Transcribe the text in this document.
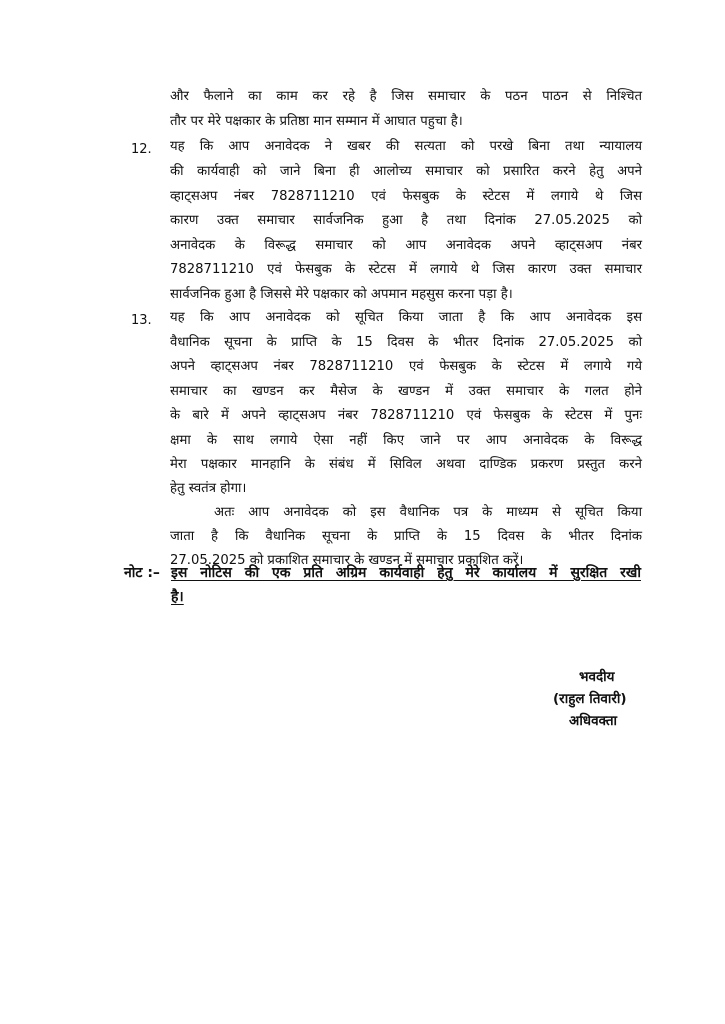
और फैलाने का काम कर रहे है जिस समाचार के पठन पाठन से निश्चित
तौर पर मेरे पक्षकार के प्रतिष्ठा मान सम्मान में आघात पहुचा है।
12. यह कि आप अनावेदक ने खबर की सत्यता को परखे बिना तथा न्यायालय
की कार्यवाही को जाने बिना ही आलोच्य समाचार को प्रसारित करने हेतु अपने
व्हाट्सअप नंबर 7828711210 एवं फेसबुक के स्टेटस में लगाये थे जिस
कारण उक्त समाचार सार्वजनिक हुआ है तथा दिनांक 27.05.2025 को
अनावेदक के विरूद्ध समाचार को आप अनावेदक अपने व्हाट्सअप नंबर
7828711210 एवं फेसबुक के स्टेटस में लगाये थे जिस कारण उक्त समाचार
सार्वजनिक हुआ है जिससे मेरे पक्षकार को अपमान महसुस करना पड़ा है।
13. यह कि आप अनावेदक को सूचित किया जाता है कि आप अनावेदक इस
वैधानिक सूचना के प्राप्ति के 15 दिवस के भीतर दिनांक 27.05.2025 को
अपने व्हाट्सअप नंबर 7828711210 एवं फेसबुक के स्टेटस में लगाये गये
समाचार का खण्डन कर मैसेज के खण्डन में उक्त समाचार के गलत होने
के बारे में अपने व्हाट्सअप नंबर 7828711210 एवं फेसबुक के स्टेटस में पुनः
क्षमा के साथ लगाये ऐसा नहीं किए जाने पर आप अनावेदक के विरूद्ध
मेरा पक्षकार मानहानि के संबंध में सिविल अथवा दाण्डिक प्रकरण प्रस्तुत करने
हेतु स्वतंत्र होगा।
अतः आप अनावेदक को इस वैधानिक पत्र के माध्यम से सूचित किया
जाता है कि वैधानिक सूचना के प्राप्ति के 15 दिवस के भीतर दिनांक
27.05.2025 को प्रकाशित समाचार के खण्डन में समाचार प्रकाशित करें।
नोट :– इस नोटिस की एक प्रति अग्रिम कार्यवाही हेतु मेरे कार्यालय में सुरक्षित रखी
है।
भवदीय
(राहुल तिवारी)
अधिवक्ता
